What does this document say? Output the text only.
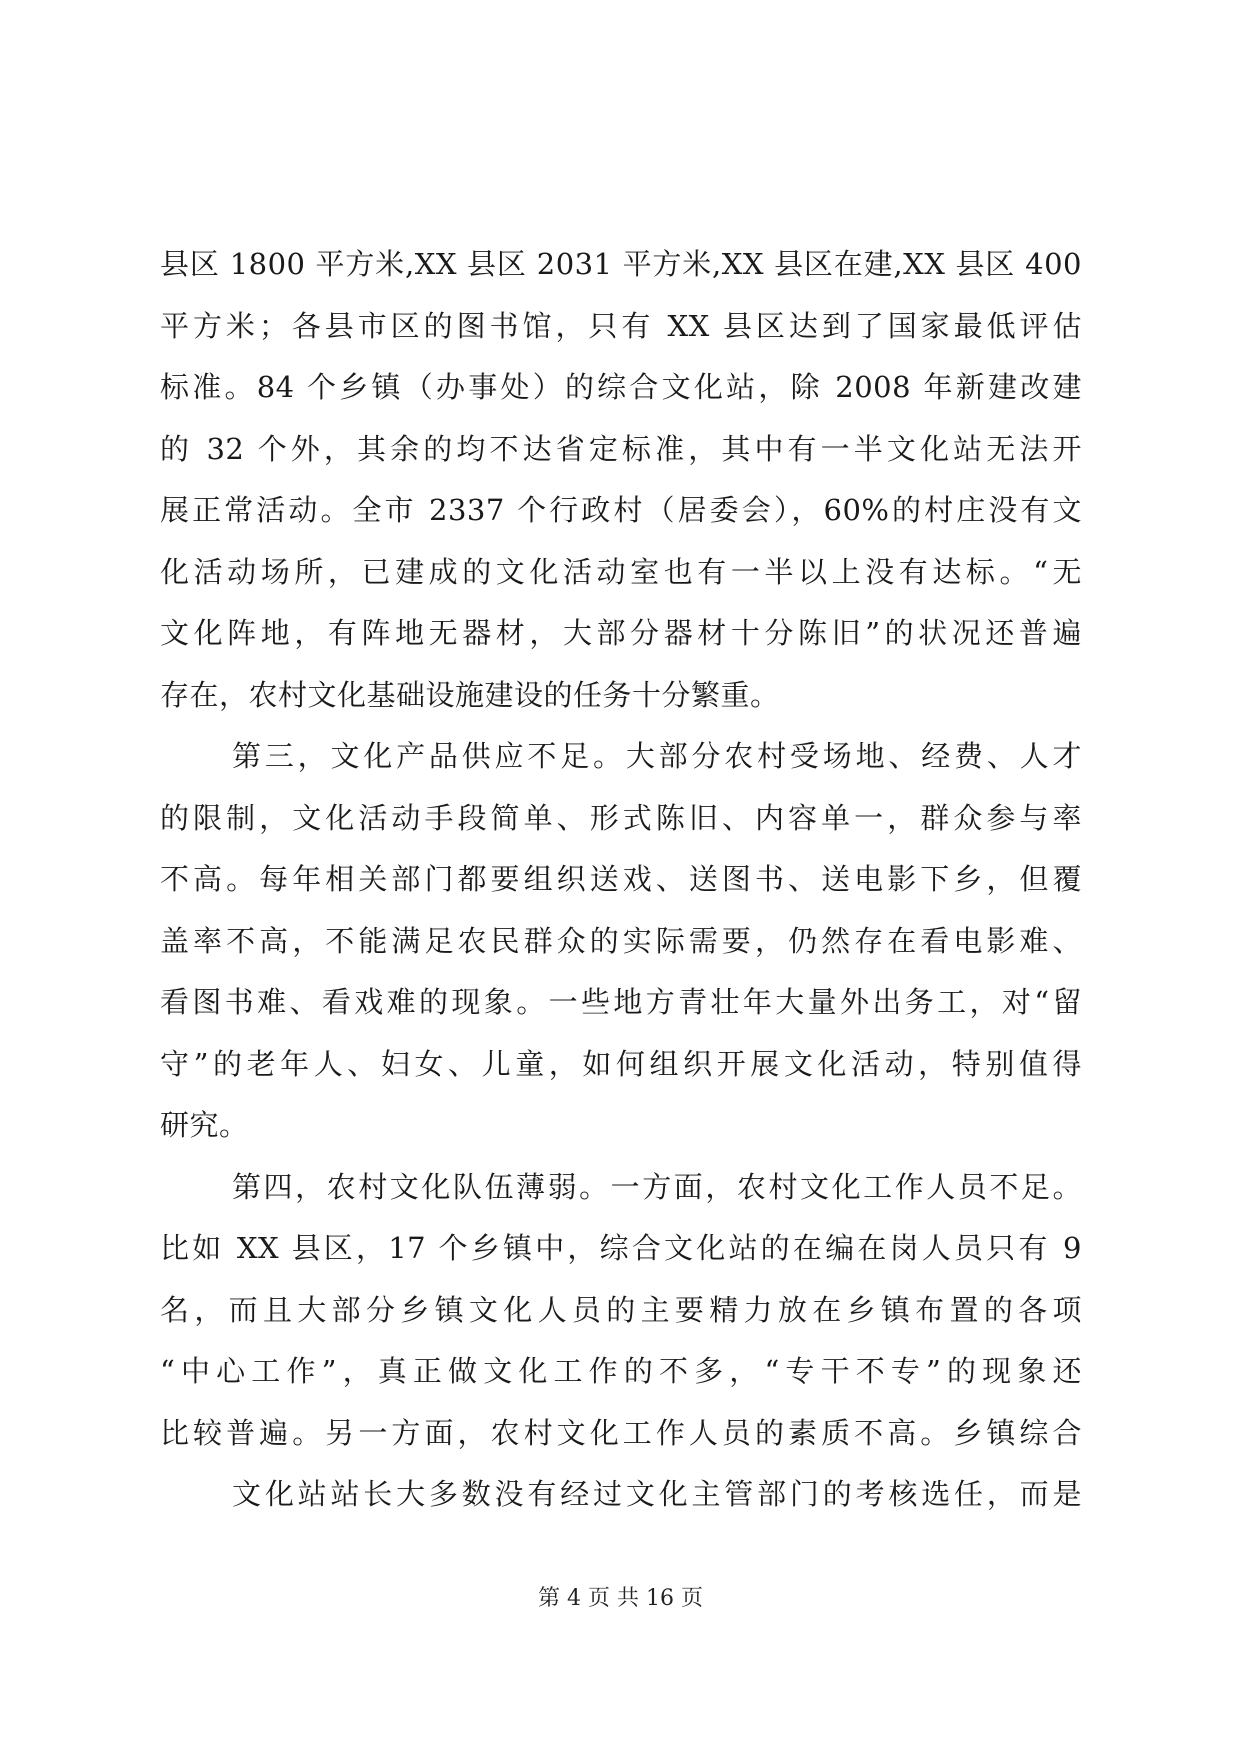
县区 1800 平方米,XX 县区 2031 平方米,XX 县区在建,XX 县区 400
平方米；各县市区的图书馆，只有 XX 县区达到了国家最低评估
标准。84 个乡镇（办事处）的综合文化站，除 2008 年新建改建
的 32 个外，其余的均不达省定标准，其中有一半文化站无法开
展正常活动。全市 2337 个行政村（居委会），60%的村庄没有文
化活动场所，已建成的文化活动室也有一半以上没有达标。“无
文化阵地，有阵地无器材，大部分器材十分陈旧”的状况还普遍
存在，农村文化基础设施建设的任务十分繁重。
第三，文化产品供应不足。大部分农村受场地、经费、人才
的限制，文化活动手段简单、形式陈旧、内容单一，群众参与率
不高。每年相关部门都要组织送戏、送图书、送电影下乡，但覆
盖率不高，不能满足农民群众的实际需要，仍然存在看电影难、
看图书难、看戏难的现象。一些地方青壮年大量外出务工，对“留
守”的老年人、妇女、儿童，如何组织开展文化活动，特别值得
研究。
第四，农村文化队伍薄弱。一方面，农村文化工作人员不足。
比如 XX 县区，17 个乡镇中，综合文化站的在编在岗人员只有 9
名，而且大部分乡镇文化人员的主要精力放在乡镇布置的各项
“中心工作”，真正做文化工作的不多，“专干不专”的现象还
比较普遍。另一方面，农村文化工作人员的素质不高。乡镇综合
文化站站长大多数没有经过文化主管部门的考核选任，而是
第 4 页 共 16 页
